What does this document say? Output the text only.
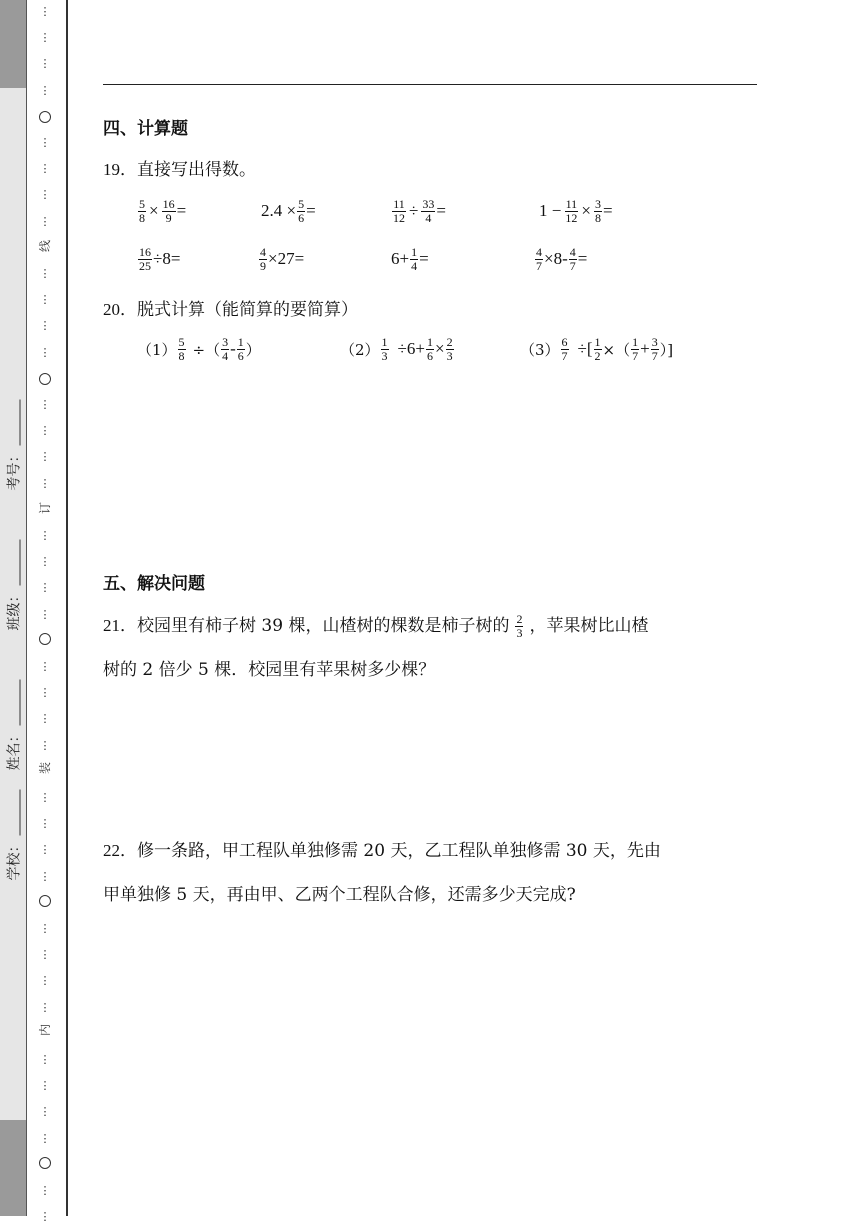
学校：
姓名：
班级：
考号：
线
订
装
内
⋮
⋮
⋮
⋮
⋮
⋮
⋮
⋮
⋮
⋮
⋮
⋮
⋮
⋮
⋮
⋮
⋮
⋮
⋮
⋮
⋮
⋮
⋮
⋮
⋮
⋮
⋮
⋮
⋮
⋮
⋮
⋮
⋮
⋮
⋮
⋮
⋮
⋮
四、计算题
19．直接写出得数。
$\frac{5}{8} \times \frac{16}{9}$ =	$2.4 \times \frac{5}{6}$ =	$\frac{11}{12} \div \frac{33}{4}$ =	$1 - \frac{11}{12} \times \frac{3}{8}$ =
$\frac{16}{25} \div 8=$	$\frac{4}{9} \times 27=$	$6+ \frac{1}{4}$ =	$\frac{4}{7} \times 8- \frac{4}{7}$ =
20．脱式计算（能简算的要简算）
$(1) \frac{5}{8}$ ÷（ $\frac{3}{4} - \frac{1}{6}$ ）	$(2) \frac{1}{3} \div 6+ \frac{1}{6} \times \frac{2}{3}$	$(3) \frac{6}{7}$ ÷[ $\frac{1}{2}$ ×（ $\frac{1}{7} + \frac{3}{7}$ ）]
五、解决问题
21． 校园里有柿子树 39 棵，山楂树的棵数是柿子树的 $\frac{2}{3}$ ，苹果树比山楂
树的 2 倍少 5 棵．校园里有苹果树多少棵？
22．修一条路，甲工程队单独修需 20 天，乙工程队单独修需 30 天，先由
甲单独修 5 天，再由甲、乙两个工程队合修，还需多少天完成?
